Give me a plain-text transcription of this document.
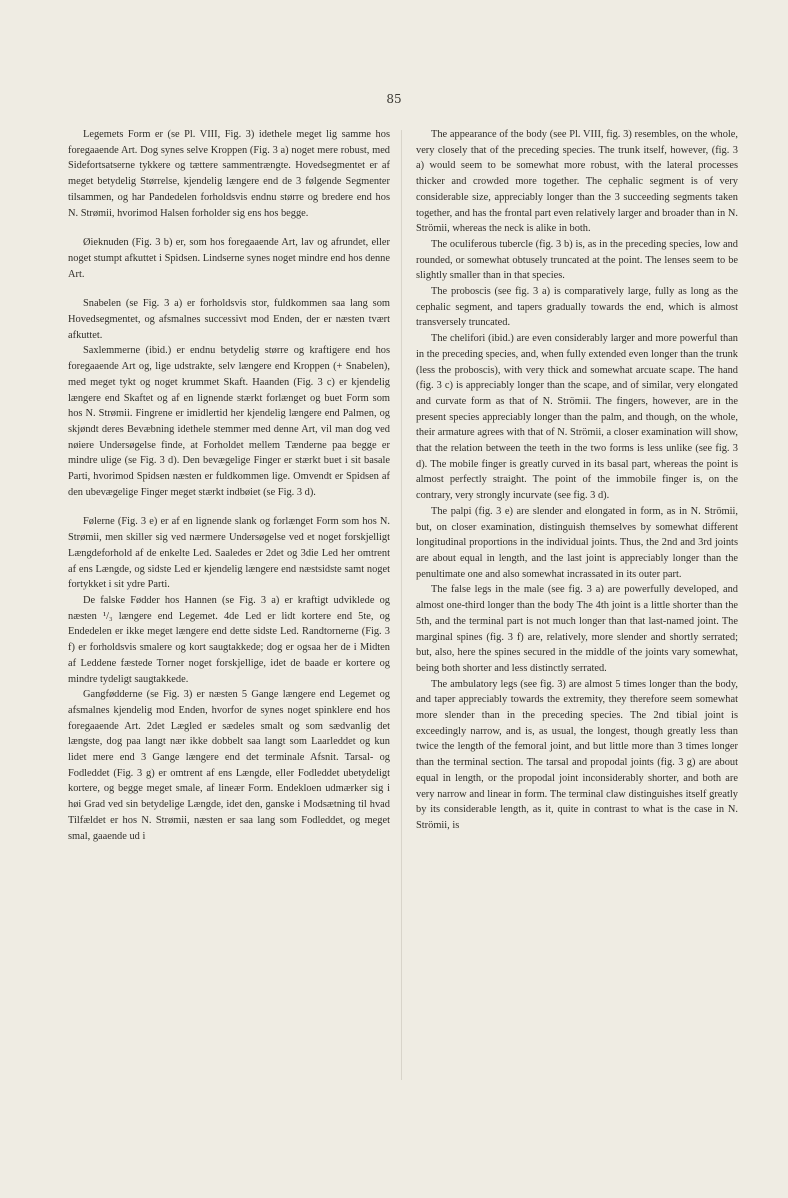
85

Legemets Form er (se Pl. VIII, Fig. 3) idethele meget lig samme hos foregaaende Art. Dog synes selve Kroppen (Fig. 3 a) noget mere robust, med Sidefortsatserne tykkere og tættere sammentrængte. Hovedsegmentet er af meget betydelig Størrelse, kjendelig længere end de 3 følgende Segmenter tilsammen, og har Pandedelen forholdsvis endnu større og bredere end hos N. Strømii, hvorimod Halsen forholder sig ens hos begge.

Øieknuden (Fig. 3 b) er, som hos foregaaende Art, lav og afrundet, eller noget stumpt afkuttet i Spidsen. Lindserne synes noget mindre end hos denne Art.

Snabelen (se Fig. 3 a) er forholdsvis stor, fuldkommen saa lang som Hovedsegmentet, og afsmalnes successivt mod Enden, der er næsten tvært afkuttet.

Saxlemmerne (ibid.) er endnu betydelig større og kraftigere end hos foregaaende Art og, lige udstrakte, selv længere end Kroppen (+ Snabelen), med meget tykt og noget krummet Skaft. Haanden (Fig. 3 c) er kjendelig længere end Skaftet og af en lignende stærkt forlænget og buet Form som hos N. Strømii. Fingrene er imidlertid her kjendelig længere end Palmen, og skjøndt deres Bevæbning idethele stemmer med denne Art, vil man dog ved nøiere Undersøgelse finde, at Forholdet mellem Tænderne paa begge er mindre ulige (se Fig. 3 d). Den bevægelige Finger er stærkt buet i sit basale Parti, hvorimod Spidsen næsten er fuldkommen lige. Omvendt er Spidsen af den ubevægelige Finger meget stærkt indbøiet (se Fig. 3 d).

Følerne (Fig. 3 e) er af en lignende slank og forlænget Form som hos N. Strømii, men skiller sig ved nærmere Undersøgelse ved et noget forskjelligt Længdeforhold af de enkelte Led. Saaledes er 2det og 3die Led her omtrent af ens Længde, og sidste Led er kjendelig længere end næstsidste samt noget fortykket i sit ydre Parti.

De falske Fødder hos Hannen (se Fig. 3 a) er kraftigt udviklede og næsten ¹/₃ længere end Legemet. 4de Led er lidt kortere end 5te, og Endedelen er ikke meget længere end dette sidste Led. Randtornerne (Fig. 3 f) er forholdsvis smalere og kort saugtakkede; dog er ogsaa her de i Midten af Leddene fæstede Torner noget forskjellige, idet de baade er kortere og mindre tydeligt saugtakkede.

Gangfødderne (se Fig. 3) er næsten 5 Gange længere end Legemet og afsmalnes kjendelig mod Enden, hvorfor de synes noget spinklere end hos foregaaende Art. 2det Lægled er sædeles smalt og som sædvanlig det længste, dog paa langt nær ikke dobbelt saa langt som Laarleddet og kun lidet mere end 3 Gange længere end det terminale Afsnit. Tarsal- og Fodleddet (Fig. 3 g) er omtrent af ens Længde, eller Fodleddet ubetydeligt kortere, og begge meget smale, af lineær Form. Endekloen udmærker sig i høi Grad ved sin betydelige Længde, idet den, ganske i Modsætning til hvad Tilfældet er hos N. Strømii, næsten er saa lang som Fodleddet, og meget smal, gaaende ud i

The appearance of the body (see Pl. VIII, fig. 3) resembles, on the whole, very closely that of the preceding species. The trunk itself, however, (fig. 3 a) would seem to be somewhat more robust, with the lateral processes thicker and crowded more together. The cephalic segment is of very considerable size, appreciably longer than the 3 succeeding segments taken together, and has the frontal part even relatively larger and broader than in N. Strömii, whereas the neck is alike in both.

The oculiferous tubercle (fig. 3 b) is, as in the preceding species, low and rounded, or somewhat obtusely truncated at the point. The lenses seem to be slightly smaller than in that species.

The proboscis (see fig. 3 a) is comparatively large, fully as long as the cephalic segment, and tapers gradually towards the end, which is almost transversely truncated.

The chelifori (ibid.) are even considerably larger and more powerful than in the preceding species, and, when fully extended even longer than the trunk (less the proboscis), with very thick and somewhat arcuate scape. The hand (fig. 3 c) is appreciably longer than the scape, and of similar, very elongated and curvate form as that of N. Strömii. The fingers, however, are in the present species appreciably longer than the palm, and though, on the whole, their armature agrees with that of N. Strömii, a closer examination will show, that the relation between the teeth in the two forms is less unlike (see fig. 3 d). The mobile finger is greatly curved in its basal part, whereas the point is almost perfectly straight. The point of the immobile finger is, on the contrary, very strongly incurvate (see fig. 3 d).

The palpi (fig. 3 e) are slender and elongated in form, as in N. Strömii, but, on closer examination, distinguish themselves by somewhat different longitudinal proportions in the individual joints. Thus, the 2nd and 3rd joints are about equal in length, and the last joint is appreciably longer than the penultimate one and also somewhat incrassated in its outer part.

The false legs in the male (see fig. 3 a) are powerfully developed, and almost one-third longer than the body The 4th joint is a little shorter than the 5th, and the terminal part is not much longer than that last-named joint. The marginal spines (fig. 3 f) are, relatively, more slender and shortly serrated; but, also, here the spines secured in the middle of the joints vary somewhat, being both shorter and less distinctly serrated.

The ambulatory legs (see fig. 3) are almost 5 times longer than the body, and taper appreciably towards the extremity, they therefore seem somewhat more slender than in the preceding species. The 2nd tibial joint is exceedingly narrow, and is, as usual, the longest, though greatly less than twice the length of the femoral joint, and but little more than 3 times longer than the terminal section. The tarsal and propodal joints (fig. 3 g) are about equal in length, or the propodal joint inconsiderably shorter, and both are very narrow and linear in form. The terminal claw distinguishes itself greatly by its considerable length, as it, quite in contrast to what is the case in N. Strömii, is
